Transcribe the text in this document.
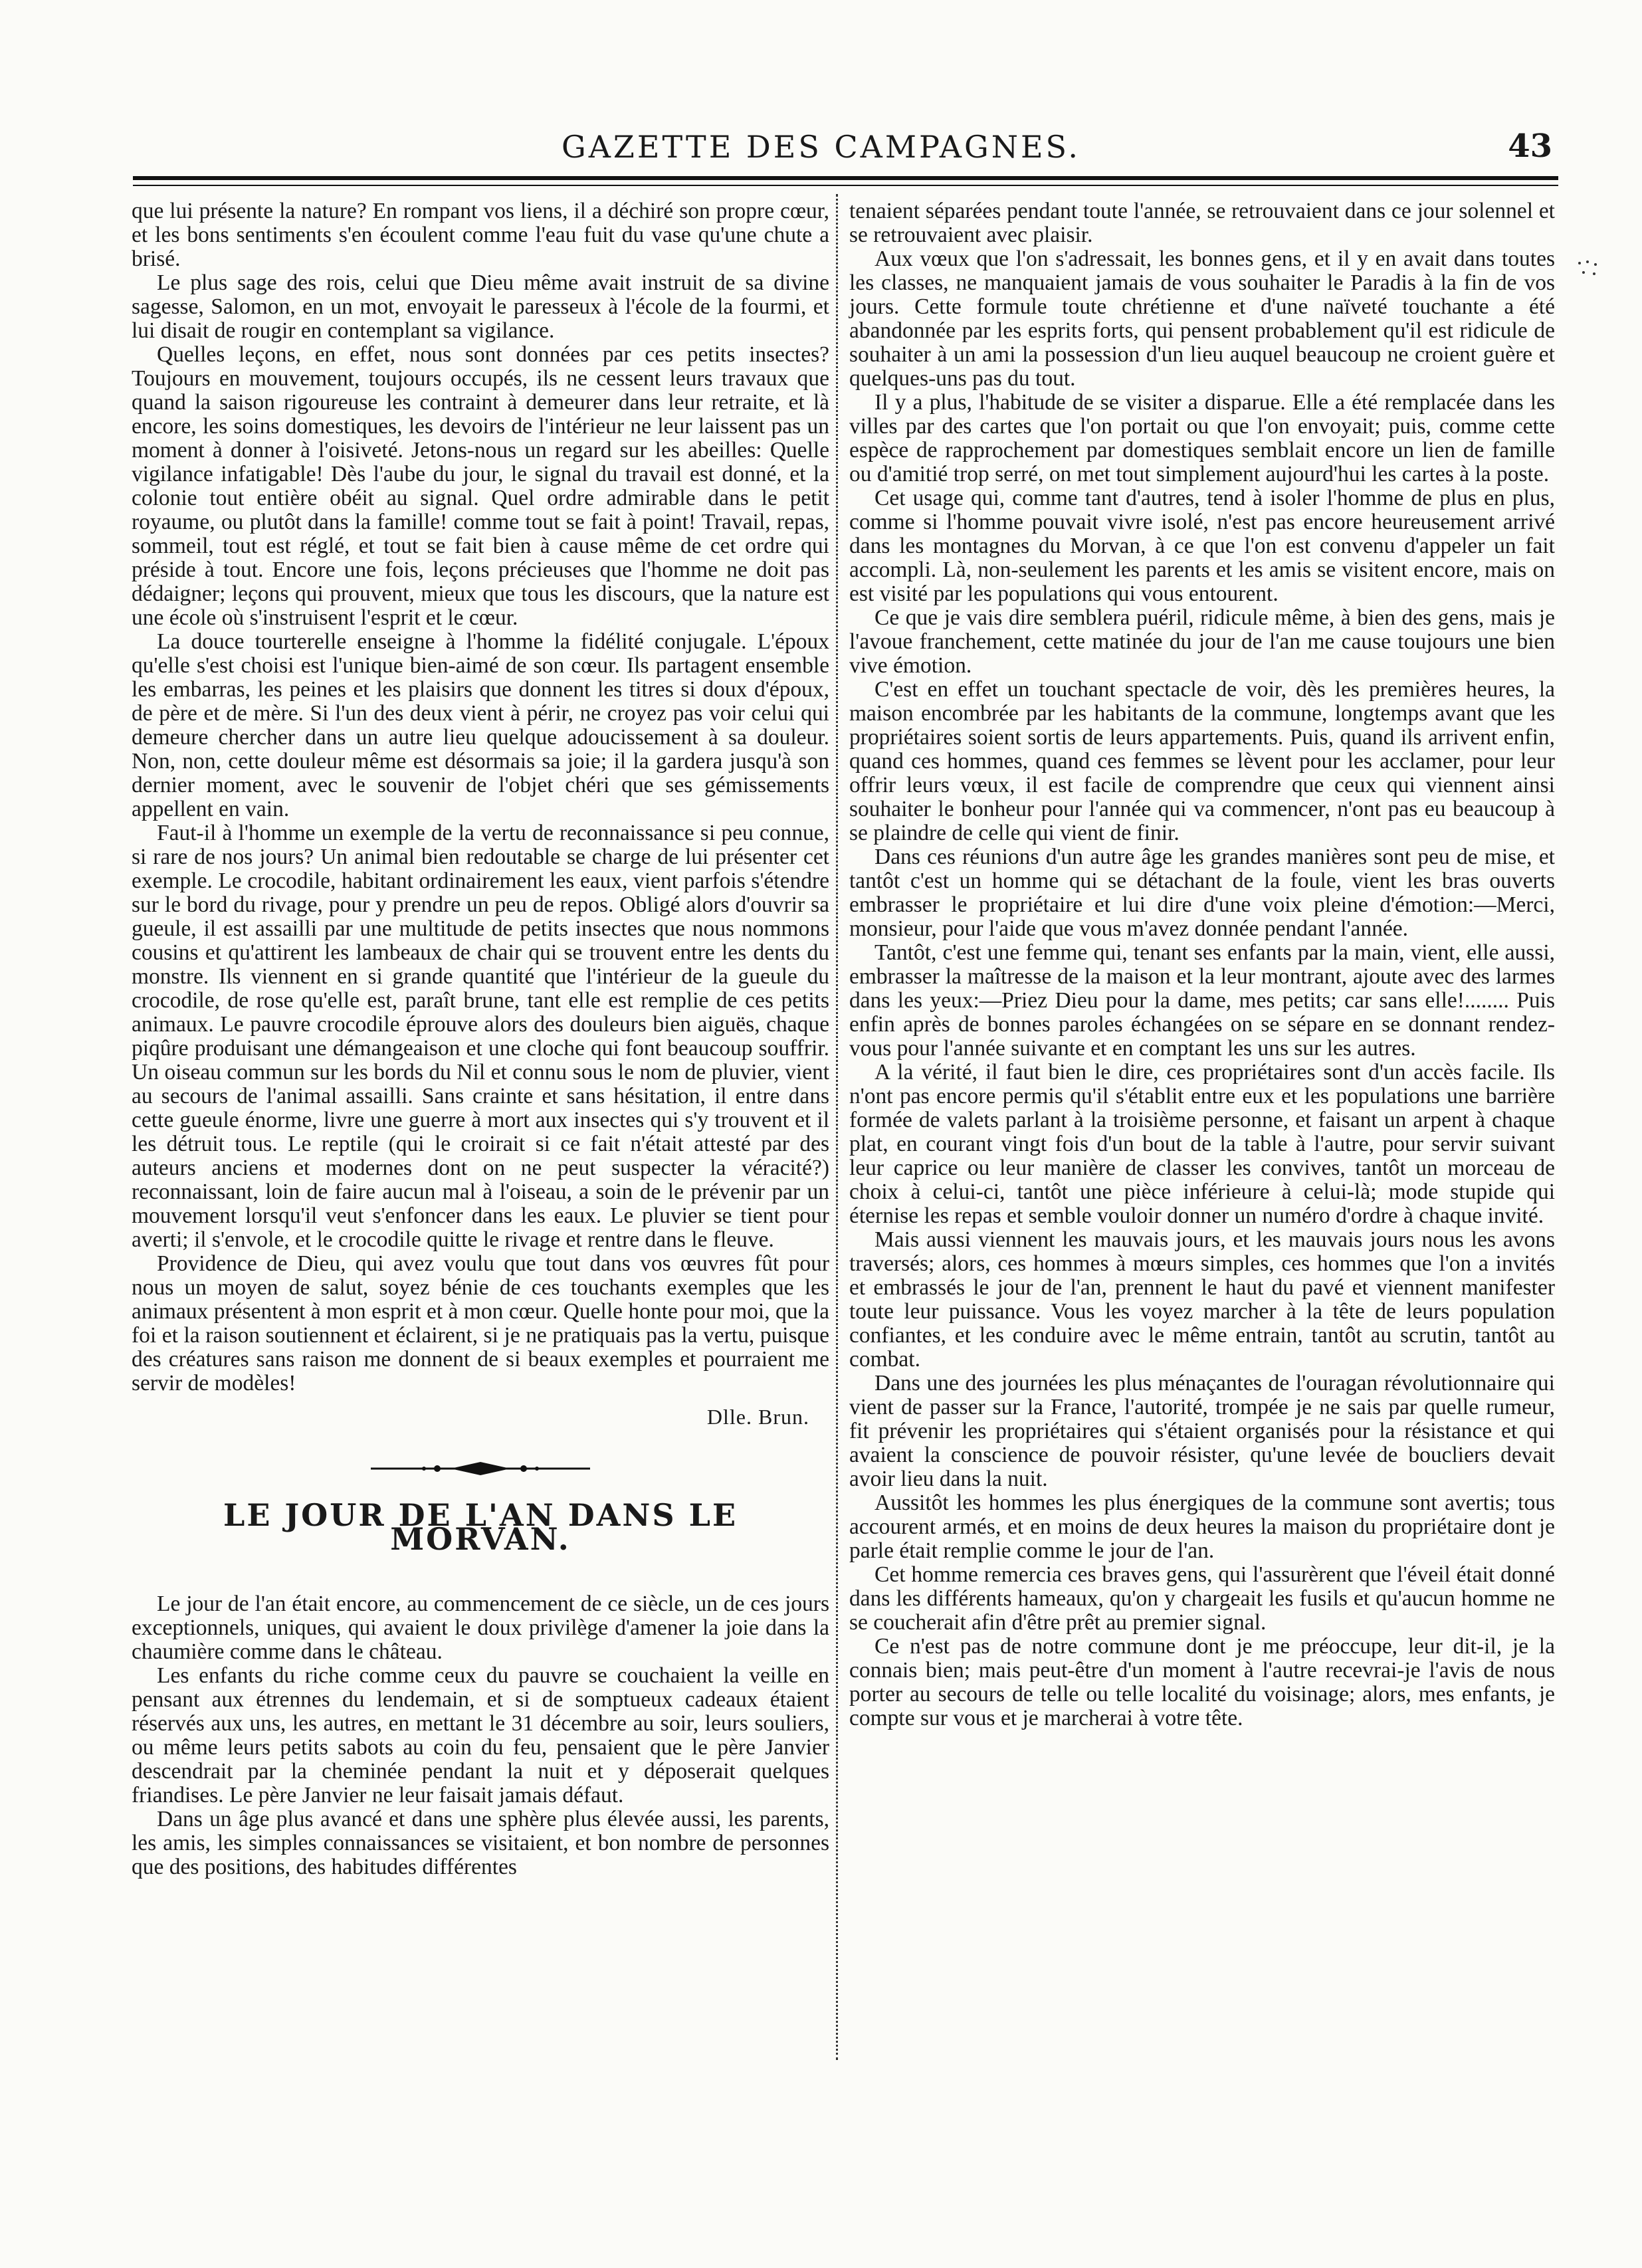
GAZETTE DES CAMPAGNES.	43

que lui présente la nature? En rompant vos liens, il a déchiré son propre cœur, et les bons sentiments s'en écoulent comme l'eau fuit du vase qu'une chute a brisé.

Le plus sage des rois, celui que Dieu même avait instruit de sa divine sagesse, Salomon, en un mot, envoyait le paresseux à l'école de la fourmi, et lui disait de rougir en contemplant sa vigilance.

Quelles leçons, en effet, nous sont données par ces petits insectes? Toujours en mouvement, toujours occupés, ils ne cessent leurs travaux que quand la saison rigoureuse les contraint à demeurer dans leur retraite, et là encore, les soins domestiques, les devoirs de l'intérieur ne leur laissent pas un moment à donner à l'oisiveté. Jetons-nous un regard sur les abeilles: Quelle vigilance infatigable! Dès l'aube du jour, le signal du travail est donné, et la colonie tout entière obéit au signal. Quel ordre admirable dans le petit royaume, ou plutôt dans la famille! comme tout se fait à point! Travail, repas, sommeil, tout est réglé, et tout se fait bien à cause même de cet ordre qui préside à tout. Encore une fois, leçons précieuses que l'homme ne doit pas dédaigner; leçons qui prouvent, mieux que tous les discours, que la nature est une école où s'instruisent l'esprit et le cœur.

La douce tourterelle enseigne à l'homme la fidélité conjugale. L'époux qu'elle s'est choisi est l'unique bien-aimé de son cœur. Ils partagent ensemble les embarras, les peines et les plaisirs que donnent les titres si doux d'époux, de père et de mère. Si l'un des deux vient à périr, ne croyez pas voir celui qui demeure chercher dans un autre lieu quelque adoucissement à sa douleur. Non, non, cette douleur même est désormais sa joie; il la gardera jusqu'à son dernier moment, avec le souvenir de l'objet chéri que ses gémissements appellent en vain.

Faut-il à l'homme un exemple de la vertu de reconnaissance si peu connue, si rare de nos jours? Un animal bien redoutable se charge de lui présenter cet exemple. Le crocodile, habitant ordinairement les eaux, vient parfois s'étendre sur le bord du rivage, pour y prendre un peu de repos. Obligé alors d'ouvrir sa gueule, il est assailli par une multitude de petits insectes que nous nommons cousins et qu'attirent les lambeaux de chair qui se trouvent entre les dents du monstre. Ils viennent en si grande quantité que l'intérieur de la gueule du crocodile, de rose qu'elle est, paraît brune, tant elle est remplie de ces petits animaux. Le pauvre crocodile éprouve alors des douleurs bien aiguës, chaque piqûre produisant une démangeaison et une cloche qui font beaucoup souffrir. Un oiseau commun sur les bords du Nil et connu sous le nom de pluvier, vient au secours de l'animal assailli. Sans crainte et sans hésitation, il entre dans cette gueule énorme, livre une guerre à mort aux insectes qui s'y trouvent et il les détruit tous. Le reptile (qui le croirait si ce fait n'était attesté par des auteurs anciens et modernes dont on ne peut suspecter la véracité?) reconnaissant, loin de faire aucun mal à l'oiseau, a soin de le prévenir par un mouvement lorsqu'il veut s'enfoncer dans les eaux. Le pluvier se tient pour averti; il s'envole, et le crocodile quitte le rivage et rentre dans le fleuve.

Providence de Dieu, qui avez voulu que tout dans vos œuvres fût pour nous un moyen de salut, soyez bénie de ces touchants exemples que les animaux présentent à mon esprit et à mon cœur. Quelle honte pour moi, que la foi et la raison soutiennent et éclairent, si je ne pratiquais pas la vertu, puisque des créatures sans raison me donnent de si beaux exemples et pourraient me servir de modèles!

Dlle. Brun.
LE JOUR DE L'AN DANS LE MORVAN.

Le jour de l'an était encore, au commencement de ce siècle, un de ces jours exceptionnels, uniques, qui avaient le doux privilège d'amener la joie dans la chaumière comme dans le château.

Les enfants du riche comme ceux du pauvre se couchaient la veille en pensant aux étrennes du lendemain, et si de somptueux cadeaux étaient réservés aux uns, les autres, en mettant le 31 décembre au soir, leurs souliers, ou même leurs petits sabots au coin du feu, pensaient que le père Janvier descendrait par la cheminée pendant la nuit et y déposerait quelques friandises. Le père Janvier ne leur faisait jamais défaut.

Dans un âge plus avancé et dans une sphère plus élevée aussi, les parents, les amis, les simples connaissances se visitaient, et bon nombre de personnes que des positions, des habitudes différentes

tenaient séparées pendant toute l'année, se retrouvaient dans ce jour solennel et se retrouvaient avec plaisir.

Aux vœux que l'on s'adressait, les bonnes gens, et il y en avait dans toutes les classes, ne manquaient jamais de vous souhaiter le Paradis à la fin de vos jours. Cette formule toute chrétienne et d'une naïveté touchante a été abandonnée par les esprits forts, qui pensent probablement qu'il est ridicule de souhaiter à un ami la possession d'un lieu auquel beaucoup ne croient guère et quelques-uns pas du tout.

Il y a plus, l'habitude de se visiter a disparue. Elle a été remplacée dans les villes par des cartes que l'on portait ou que l'on envoyait; puis, comme cette espèce de rapprochement par domestiques semblait encore un lien de famille ou d'amitié trop serré, on met tout simplement aujourd'hui les cartes à la poste.

Cet usage qui, comme tant d'autres, tend à isoler l'homme de plus en plus, comme si l'homme pouvait vivre isolé, n'est pas encore heureusement arrivé dans les montagnes du Morvan, à ce que l'on est convenu d'appeler un fait accompli. Là, non-seulement les parents et les amis se visitent encore, mais on est visité par les populations qui vous entourent.

Ce que je vais dire semblera puéril, ridicule même, à bien des gens, mais je l'avoue franchement, cette matinée du jour de l'an me cause toujours une bien vive émotion.

C'est en effet un touchant spectacle de voir, dès les premières heures, la maison encombrée par les habitants de la commune, longtemps avant que les propriétaires soient sortis de leurs appartements. Puis, quand ils arrivent enfin, quand ces hommes, quand ces femmes se lèvent pour les acclamer, pour leur offrir leurs vœux, il est facile de comprendre que ceux qui viennent ainsi souhaiter le bonheur pour l'année qui va commencer, n'ont pas eu beaucoup à se plaindre de celle qui vient de finir.

Dans ces réunions d'un autre âge les grandes manières sont peu de mise, et tantôt c'est un homme qui se détachant de la foule, vient les bras ouverts embrasser le propriétaire et lui dire d'une voix pleine d'émotion:—Merci, monsieur, pour l'aide que vous m'avez donnée pendant l'année.

Tantôt, c'est une femme qui, tenant ses enfants par la main, vient, elle aussi, embrasser la maîtresse de la maison et la leur montrant, ajoute avec des larmes dans les yeux:—Priez Dieu pour la dame, mes petits; car sans elle!........ Puis enfin après de bonnes paroles échangées on se sépare en se donnant rendez-vous pour l'année suivante et en comptant les uns sur les autres.

A la vérité, il faut bien le dire, ces propriétaires sont d'un accès facile. Ils n'ont pas encore permis qu'il s'établit entre eux et les populations une barrière formée de valets parlant à la troisième personne, et faisant un arpent à chaque plat, en courant vingt fois d'un bout de la table à l'autre, pour servir suivant leur caprice ou leur manière de classer les convives, tantôt un morceau de choix à celui-ci, tantôt une pièce inférieure à celui-là; mode stupide qui éternise les repas et semble vouloir donner un numéro d'ordre à chaque invité.

Mais aussi viennent les mauvais jours, et les mauvais jours nous les avons traversés; alors, ces hommes à mœurs simples, ces hommes que l'on a invités et embrassés le jour de l'an, prennent le haut du pavé et viennent manifester toute leur puissance. Vous les voyez marcher à la tête de leurs population confiantes, et les conduire avec le même entrain, tantôt au scrutin, tantôt au combat.

Dans une des journées les plus ménaçantes de l'ouragan révolutionnaire qui vient de passer sur la France, l'autorité, trompée je ne sais par quelle rumeur, fit prévenir les propriétaires qui s'étaient organisés pour la résistance et qui avaient la conscience de pouvoir résister, qu'une levée de boucliers devait avoir lieu dans la nuit.

Aussitôt les hommes les plus énergiques de la commune sont avertis; tous accourent armés, et en moins de deux heures la maison du propriétaire dont je parle était remplie comme le jour de l'an.

Cet homme remercia ces braves gens, qui l'assurèrent que l'éveil était donné dans les différents hameaux, qu'on y chargeait les fusils et qu'aucun homme ne se coucherait afin d'être prêt au premier signal.

Ce n'est pas de notre commune dont je me préoccupe, leur dit-il, je la connais bien; mais peut-être d'un moment à l'autre recevrai-je l'avis de nous porter au secours de telle ou telle localité du voisinage; alors, mes enfants, je compte sur vous et je marcherai à votre tête.
